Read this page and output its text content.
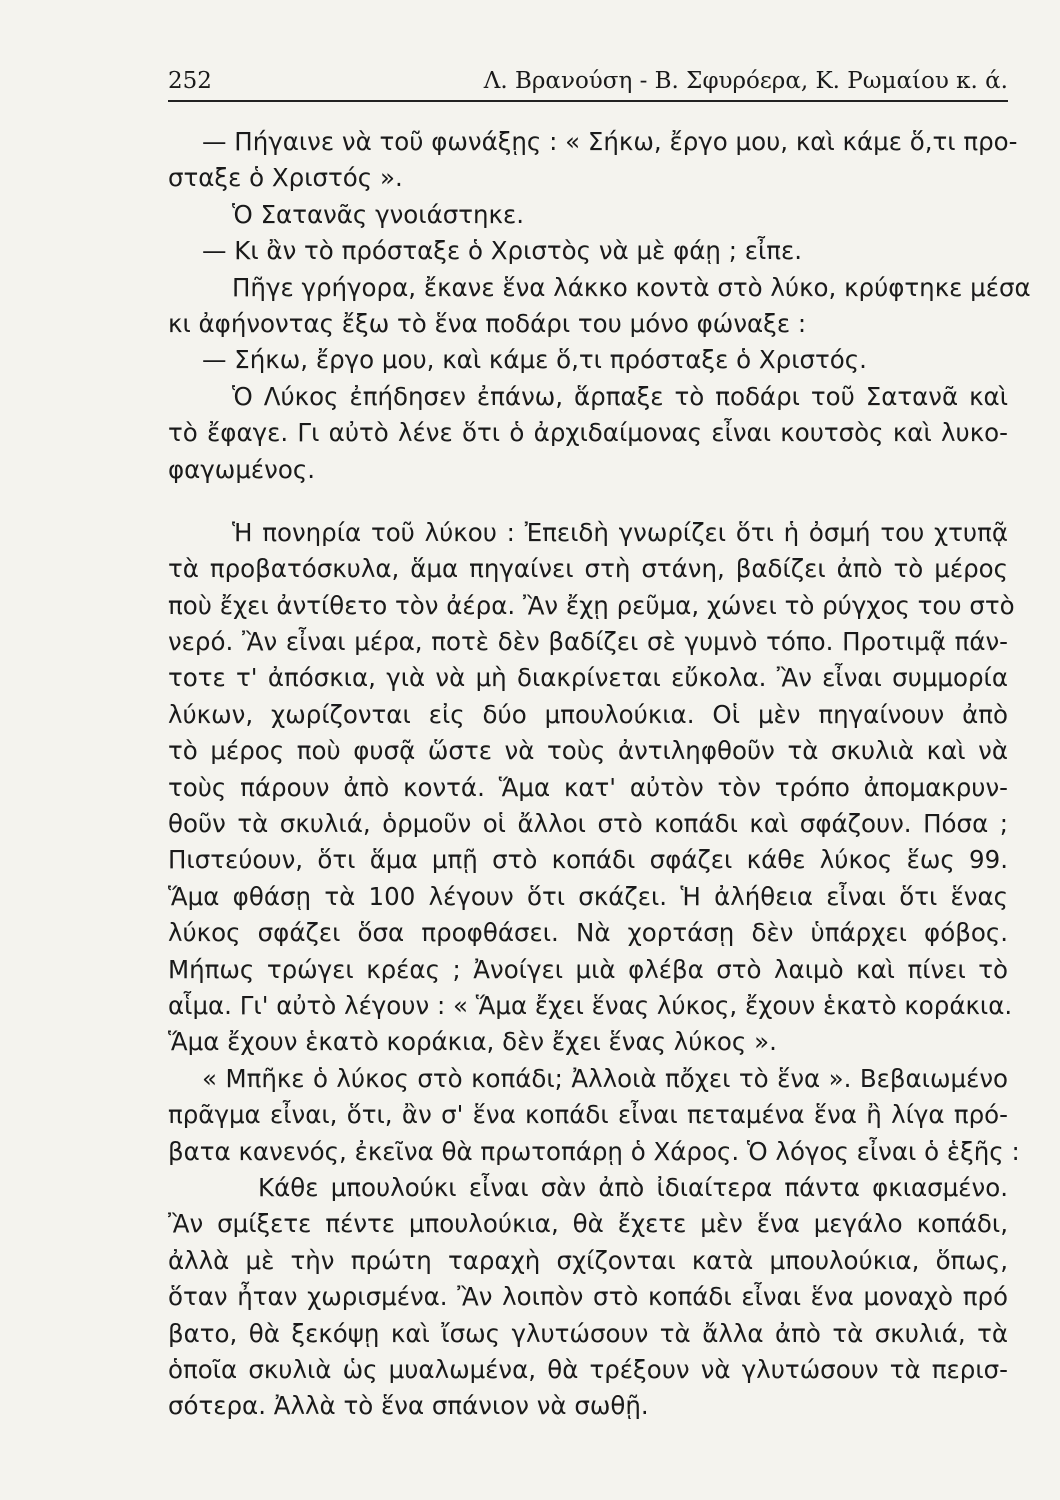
252	Λ. Βρανούση - Β. Σφυρόερα, Κ. Ρωμαίου κ. ά.
— Πήγαινε νὰ τοῦ φωνάξῃς : « Σήκω, ἔργο μου, καὶ κάμε ὅ,τι προ-
σταξε ὁ Χριστός ».
Ὁ Σατανᾶς γνοιάστηκε.
— Κι ἂν τὸ πρόσταξε ὁ Χριστὸς νὰ μὲ φάῃ ; εἶπε.
Πῆγε γρήγορα, ἔκανε ἕνα λάκκο κοντὰ στὸ λύκο, κρύφτηκε μέσα
κι ἀφήνοντας ἔξω τὸ ἕνα ποδάρι του μόνο φώναξε :
— Σήκω, ἔργο μου, καὶ κάμε ὅ,τι πρόσταξε ὁ Χριστός.
Ὁ Λύκος ἐπήδησεν ἐπάνω, ἅρπαξε τὸ ποδάρι τοῦ Σατανᾶ καὶ
τὸ ἔφαγε. Γι αὐτὸ λένε ὅτι ὁ ἀρχιδαίμονας εἶναι κουτσὸς καὶ λυκο-
φαγωμένος.
Ἡ πονηρία τοῦ λύκου : Ἐπειδὴ γνωρίζει ὅτι ἡ ὀσμή του χτυπᾷ
τὰ προβατόσκυλα, ἅμα πηγαίνει στὴ στάνη, βαδίζει ἀπὸ τὸ μέρος
ποὺ ἔχει ἀντίθετο τὸν ἀέρα. Ἂν ἔχῃ ρεῦμα, χώνει τὸ ρύγχος του στὸ
νερό. Ἂν εἶναι μέρα, ποτὲ δὲν βαδίζει σὲ γυμνὸ τόπο. Προτιμᾷ πάν-
τοτε τ' ἀπόσκια, γιὰ νὰ μὴ διακρίνεται εὔκολα. Ἂν εἶναι συμμορία
λύκων, χωρίζονται εἰς δύο μπουλούκια. Οἱ μὲν πηγαίνουν ἀπὸ
τὸ μέρος ποὺ φυσᾷ ὥστε νὰ τοὺς ἀντιληφθοῦν τὰ σκυλιὰ καὶ νὰ
τοὺς πάρουν ἀπὸ κοντά. Ἅμα κατ' αὐτὸν τὸν τρόπο ἀπομακρυν-
θοῦν τὰ σκυλιά, ὁρμοῦν οἱ ἄλλοι στὸ κοπάδι καὶ σφάζουν. Πόσα ;
Πιστεύουν, ὅτι ἅμα μπῇ στὸ κοπάδι σφάζει κάθε λύκος ἕως 99.
Ἅμα φθάσῃ τὰ 100 λέγουν ὅτι σκάζει. Ἡ ἀλήθεια εἶναι ὅτι ἕνας
λύκος σφάζει ὅσα προφθάσει. Νὰ χορτάσῃ δὲν ὑπάρχει φόβος.
Μήπως τρώγει κρέας ; Ἀνοίγει μιὰ φλέβα στὸ λαιμὸ καὶ πίνει τὸ
αἷμα. Γι' αὐτὸ λέγουν : « Ἅμα ἔχει ἕνας λύκος, ἔχουν ἑκατὸ κοράκια.
Ἅμα ἔχουν ἑκατὸ κοράκια, δὲν ἔχει ἕνας λύκος ».
« Μπῆκε ὁ λύκος στὸ κοπάδι; Ἀλλοιὰ πὄχει τὸ ἕνα ». Βεβαιωμένο
πρᾶγμα εἶναι, ὅτι, ἂν σ' ἕνα κοπάδι εἶναι πεταμένα ἕνα ἢ λίγα πρό-
βατα κανενός, ἐκεῖνα θὰ πρωτοπάρῃ ὁ Χάρος. Ὁ λόγος εἶναι ὁ ἑξῆς :
Κάθε μπουλούκι εἶναι σὰν ἀπὸ ἰδιαίτερα πάντα φκιασμένο.
Ἂν σμίξετε πέντε μπουλούκια, θὰ ἔχετε μὲν ἕνα μεγάλο κοπάδι,
ἀλλὰ μὲ τὴν πρώτη ταραχὴ σχίζονται κατὰ μπουλούκια, ὅπως,
ὅταν ἦταν χωρισμένα. Ἂν λοιπὸν στὸ κοπάδι εἶναι ἕνα μοναχὸ πρό
βατο, θὰ ξεκόψῃ καὶ ἴσως γλυτώσουν τὰ ἄλλα ἀπὸ τὰ σκυλιά, τὰ
ὁποῖα σκυλιὰ ὡς μυαλωμένα, θὰ τρέξουν νὰ γλυτώσουν τὰ περισ-
σότερα. Ἀλλὰ τὸ ἕνα σπάνιον νὰ σωθῇ.
